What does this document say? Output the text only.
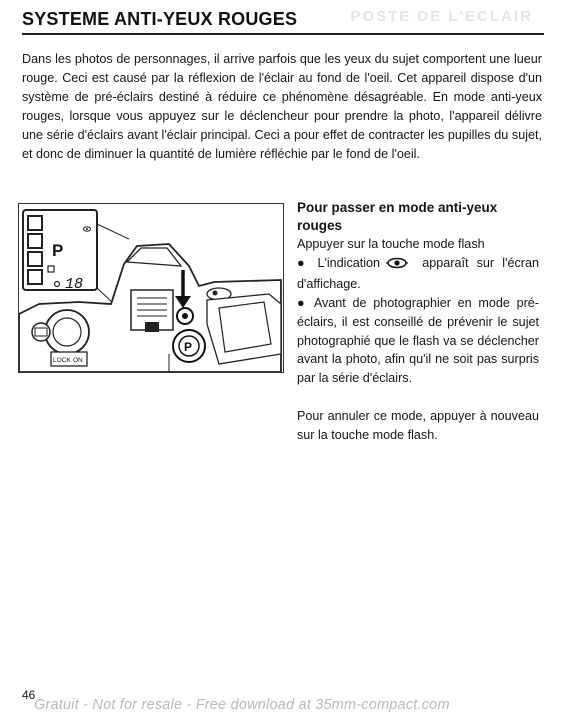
POSTE DE L'ECLAIR
SYSTEME ANTI-YEUX ROUGES

Dans les photos de personnages, il arrive parfois que les yeux du sujet comportent une lueur rouge. Ceci est causé par la réflexion de l'éclair au fond de l'oeil. Cet appareil dispose d'un système de pré-éclairs destiné à réduire ce phénomène désagréable. En mode anti-yeux rouges, lorsque vous appuyez sur le déclencheur pour prendre la photo, l'appareil délivre une série d'éclairs avant l'éclair principal. Ceci a pour effet de contracter les pupilles du sujet, et donc de diminuer la quantité de lumière réfléchie par le fond de l'oeil.

P
18
LOCK ON
P
Pour passer en mode anti-yeux rouges

Appuyer sur la touche mode flash

● L'indication	apparaît sur l'écran d'affichage.

● Avant de photographier en mode pré-éclairs, il est conseillé de prévenir le sujet photographié que le flash va se déclencher avant la photo, afin qu'il ne soit pas surpris par la série d'éclairs.

Pour annuler ce mode, appuyer à nouveau sur la touche mode flash.

46
Gratuit - Not for resale - Free download at 35mm-compact.com
